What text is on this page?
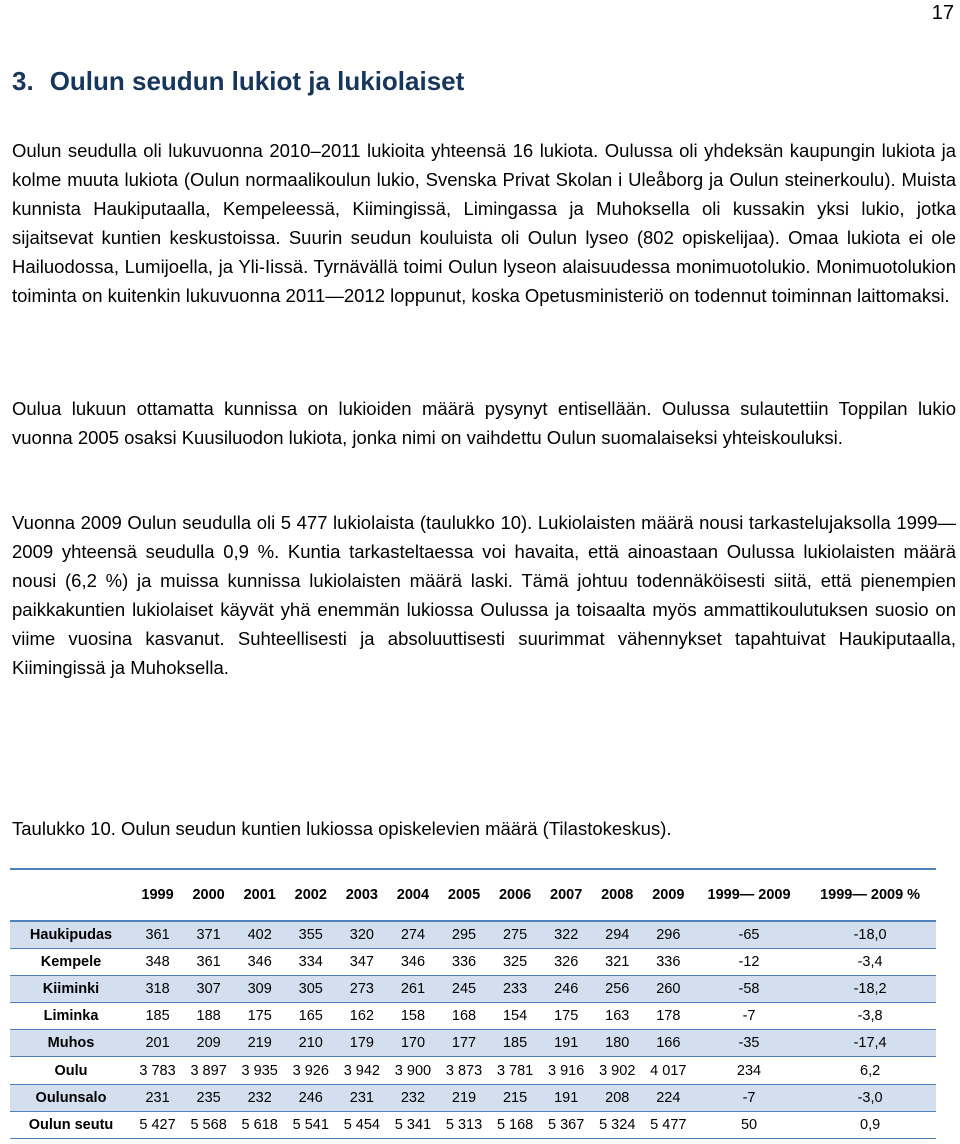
17
3. Oulun seudun lukiot ja lukiolaiset

Oulun seudulla oli lukuvuonna 2010–2011 lukioita yhteensä 16 lukiota. Oulussa oli yhdeksän kaupungin lukiota ja kolme muuta lukiota (Oulun normaalikoulun lukio, Svenska Privat Skolan i Uleåborg ja Oulun steinerkoulu). Muista kunnista Haukiputaalla, Kempeleessä, Kiimingissä, Limingassa ja Muhoksella oli kussakin yksi lukio, jotka sijaitsevat kuntien keskustoissa. Suurin seudun kouluista oli Oulun lyseo (802 opiskelijaa). Omaa lukiota ei ole Hailuodossa, Lumijoella, ja Yli-Iissä. Tyrnävällä toimi Oulun lyseon alaisuudessa monimuotolukio. Monimuotolukion toiminta on kuitenkin lukuvuonna 2011—2012 loppunut, koska Opetusministeriö on todennut toiminnan laittomaksi.

Oulua lukuun ottamatta kunnissa on lukioiden määrä pysynyt entisellään. Oulussa sulautettiin Toppilan lukio vuonna 2005 osaksi Kuusiluodon lukiota, jonka nimi on vaihdettu Oulun suomalaiseksi yhteiskouluksi.

Vuonna 2009 Oulun seudulla oli 5 477 lukiolaista (taulukko 10). Lukiolaisten määrä nousi tarkastelujaksolla 1999—2009 yhteensä seudulla 0,9 %. Kuntia tarkasteltaessa voi havaita, että ainoastaan Oulussa lukiolaisten määrä nousi (6,2 %) ja muissa kunnissa lukiolaisten määrä laski. Tämä johtuu todennäköisesti siitä, että pienempien paikkakuntien lukiolaiset käyvät yhä enemmän lukiossa Oulussa ja toisaalta myös ammattikoulutuksen suosio on viime vuosina kasvanut. Suhteellisesti ja absoluuttisesti suurimmat vähennykset tapahtuivat Haukiputaalla, Kiimingissä ja Muhoksella.

Taulukko 10. Oulun seudun kuntien lukiossa opiskelevien määrä (Tilastokeskus).

	1999	2000	2001	2002	2003	2004	2005	2006	2007	2008	2009	1999— 2009	1999— 2009 %
Haukipudas	361	371	402	355	320	274	295	275	322	294	296	-65	-18,0
Kempele	348	361	346	334	347	346	336	325	326	321	336	-12	-3,4
Kiiminki	318	307	309	305	273	261	245	233	246	256	260	-58	-18,2
Liminka	185	188	175	165	162	158	168	154	175	163	178	-7	-3,8
Muhos	201	209	219	210	179	170	177	185	191	180	166	-35	-17,4
Oulu	3 783	3 897	3 935	3 926	3 942	3 900	3 873	3 781	3 916	3 902	4 017	234	6,2
Oulunsalo	231	235	232	246	231	232	219	215	191	208	224	-7	-3,0
Oulun seutu	5 427	5 568	5 618	5 541	5 454	5 341	5 313	5 168	5 367	5 324	5 477	50	0,9
